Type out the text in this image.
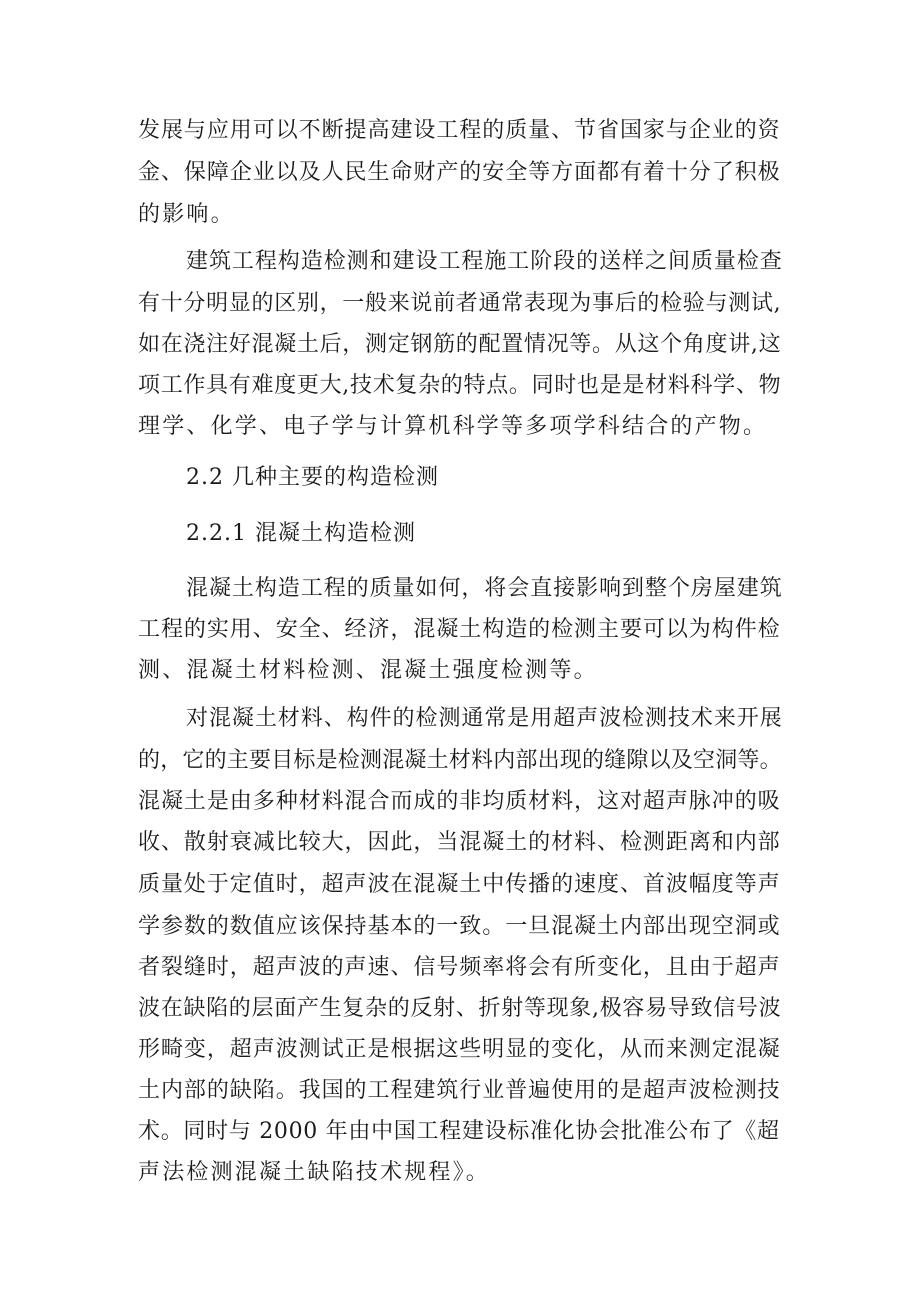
发展与应用可以不断提高建设工程的质量、节省国家与企业的资
金、保障企业以及人民生命财产的安全等方面都有着十分了积极
的影响。
建筑工程构造检测和建设工程施工阶段的送样之间质量检查
有十分明显的区别，一般来说前者通常表现为事后的检验与测试,
如在浇注好混凝土后，测定钢筋的配置情况等。从这个角度讲,这
项工作具有难度更大,技术复杂的特点。同时也是是材料科学、物
理学、化学、电子学与计算机科学等多项学科结合的产物。
2.2 几种主要的构造检测
2.2.1 混凝土构造检测
混凝土构造工程的质量如何，将会直接影响到整个房屋建筑
工程的实用、安全、经济，混凝土构造的检测主要可以为构件检
测、混凝土材料检测、混凝土强度检测等。
对混凝土材料、构件的检测通常是用超声波检测技术来开展
的，它的主要目标是检测混凝土材料内部出现的缝隙以及空洞等。
混凝土是由多种材料混合而成的非均质材料，这对超声脉冲的吸
收、散射衰减比较大，因此，当混凝土的材料、检测距离和内部
质量处于定值时，超声波在混凝土中传播的速度、首波幅度等声
学参数的数值应该保持基本的一致。一旦混凝土内部出现空洞或
者裂缝时，超声波的声速、信号频率将会有所变化，且由于超声
波在缺陷的层面产生复杂的反射、折射等现象,极容易导致信号波
形畸变，超声波测试正是根据这些明显的变化，从而来测定混凝
土内部的缺陷。我国的工程建筑行业普遍使用的是超声波检测技
术。同时与 2000 年由中国工程建设标准化协会批准公布了《超
声法检测混凝土缺陷技术规程》。
